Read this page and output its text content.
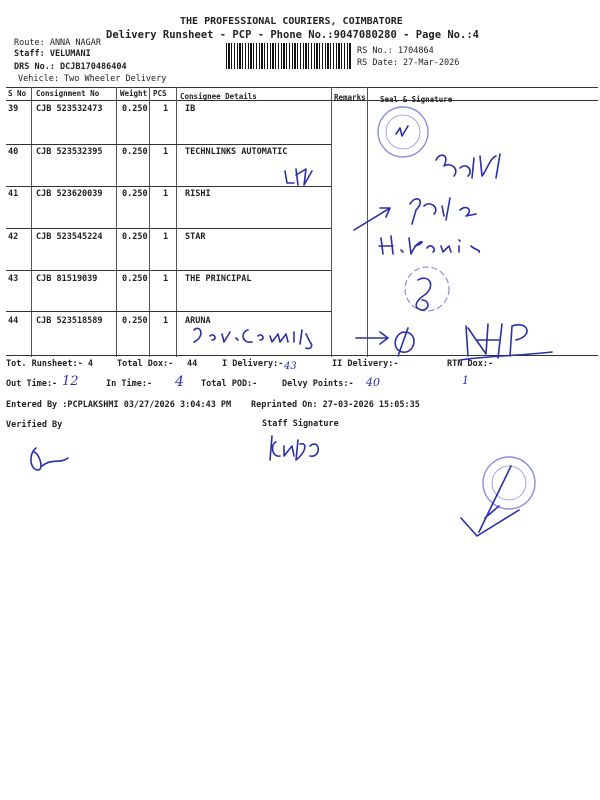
THE PROFESSIONAL COURIERS, COIMBATORE
Delivery Runsheet - PCP - Phone No.:9047080280 - Page No.:4
Route: ANNA NAGAR
Staff: VELUMANI
DRS No.: DCJB170486404
Vehicle: Two Wheeler Delivery
RS No.: 1704864
RS Date: 27-Mar-2026
S No Consignment No	Weight PCS Consignee Details	Remarks Seal & Signature
39 CJB 523532473 0.250 1 IB
40 CJB 523532395 0.250 1 TECHNLINKS AUTOMATIC
41 CJB 523620039 0.250 1 RISHI
42 CJB 523545224 0.250 1 STAR
43 CJB 81519039	0.250 1 THE PRINCIPAL
44 CJB 523518589 0.250 1 ARUNA
Tot. Runsheet:- 4	Total Dox:- 44	I Delivery:-	II Delivery:-	RTN Dox:-
Out Time:-	In Time:-	Total POD:-	Delvy Points:-
43
1
12	4	40
Entered By :PCPLAKSHMI 03/27/2026 3:04:43 PM Reprinted On: 27-03-2026 15:05:35
Verified By	Staff Signature
